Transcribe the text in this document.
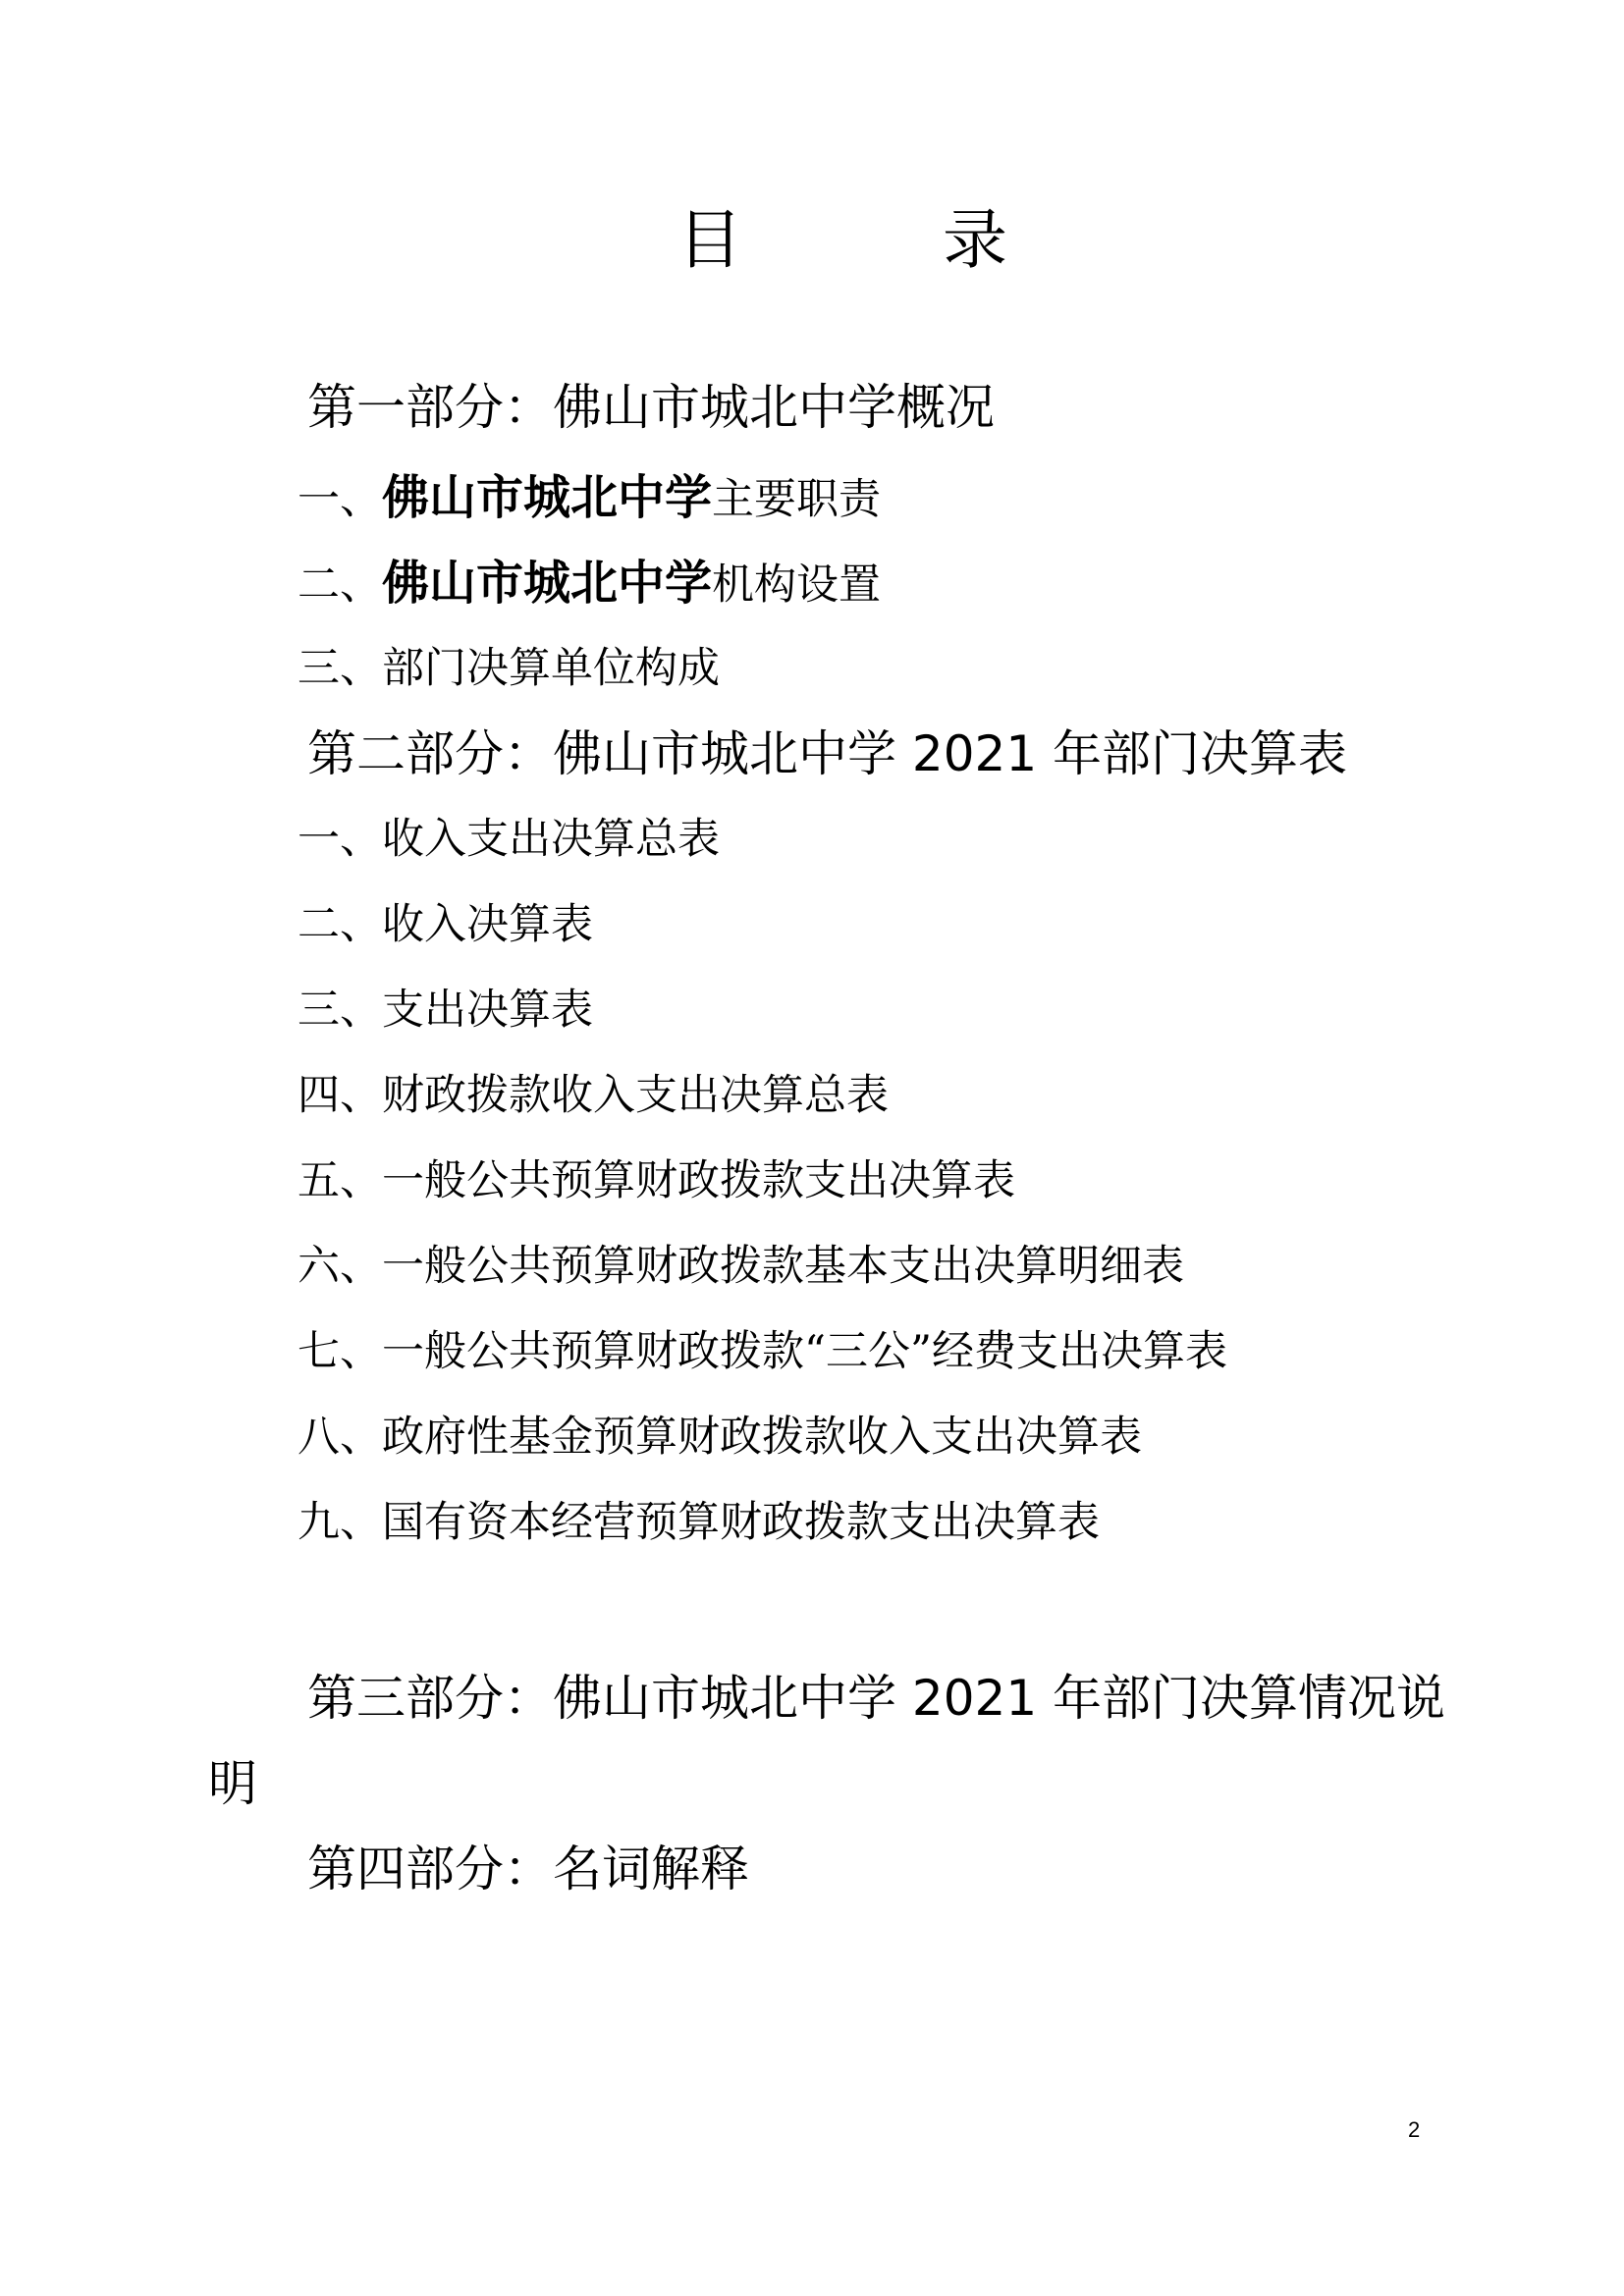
目

	录

第一部分：佛山市城北中学概况
一、佛山市城北中学主要职责
二、佛山市城北中学机构设置
三、部门决算单位构成
第二部分：佛山市城北中学 2021 年部门决算表
一、收入支出决算总表
二、收入决算表
三、支出决算表
四、财政拨款收入支出决算总表
五、一般公共预算财政拨款支出决算表
六、一般公共预算财政拨款基本支出决算明细表
七、一般公共预算财政拨款“三公”经费支出决算表
八、政府性基金预算财政拨款收入支出决算表
九、国有资本经营预算财政拨款支出决算表
第三部分：佛山市城北中学 2021 年部门决算情况说
明
第四部分：名词解释
2
